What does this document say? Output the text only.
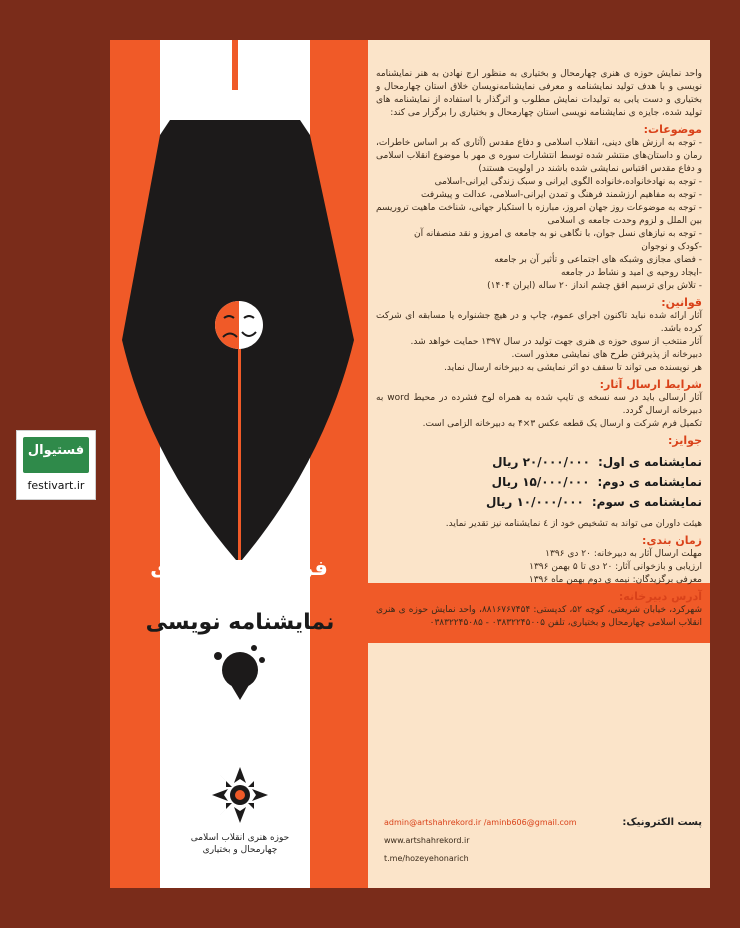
فستیوال
festivart.ir
فراخوان جایزه ی
نمایشنامه نویسی
حوزه هنری انقلاب اسلامی
چهارمحال و بختیاری

واحد نمایش حوزه ی هنری چهارمحال و بختیاری به منظور ارج نهادن به هنر نمایشنامه نویسی و با هدف تولید نمایشنامه و معرفی نمایشنامه‌نویسان خلاق استان چهارمحال و بختیاری و دست یابی به تولیدات نمایش مطلوب و اثرگذار با استفاده از نمایشنامه های تولید شده، جایزه ی نمایشنامه نویسی استان چهارمحال و بختیاری را برگزار می کند:

موضوعات:

- توجه به ارزش های دینی، انقلاب اسلامی و دفاع مقدس (آثاری که بر اساس خاطرات، رمان و داستان‌های منتشر شده توسط انتشارات سوره ی مهر با موضوع انقلاب اسلامی و دفاع مقدس اقتباس نمایشی شده باشند در اولویت هستند)

- توجه به نهادخانواده،خانواده الگوی ایرانی و سبک زندگی ایرانی-اسلامی

- توجه به مفاهیم ارزشمند فرهنگ و تمدن ایرانی-اسلامی، عدالت و پیشرفت

- توجه به موضوعات روز جهان امروز، مبارزه با استکبار جهانی، شناخت ماهیت تروریسم بین الملل و لزوم وحدت جامعه ی اسلامی

- توجه به نیازهای نسل جوان، با نگاهی نو به جامعه ی امروز و نقد منصفانه آن

-کودک و نوجوان

- فضای مجازی وشبکه های اجتماعی و تأثیر آن بر جامعه

-ایجاد روحیه ی امید و نشاط در جامعه

- تلاش برای ترسیم افق چشم انداز ۲۰ ساله (ایران ۱۴۰۴)

قوانین:

آثار ارائه شده نباید تاکنون اجرای عموم، چاپ و در هیچ جشنواره یا مسابقه ای شرکت کرده باشد.

آثار منتخب از سوی حوزه ی هنری جهت تولید در سال ۱۳۹۷ حمایت خواهد شد.

دبیرخانه از پذیرفتن طرح های نمایشی معذور است.

هر نویسنده می تواند تا سقف دو اثر نمایشی به دبیرخانه ارسال نماید.

شرایط ارسال آثار:

آثار ارسالی باید در سه نسخه ی تایپ شده به همراه لوح فشرده در محیط word به دبیرخانه ارسال گردد.

تکمیل فرم شرکت و ارسال یک قطعه عکس ۳×۴ به دبیرخانه الزامی است.

جوایز:
نمایشنامه ی اول:
۲۰/۰۰۰/۰۰۰ ریال
نمایشنامه ی دوم:
۱۵/۰۰۰/۰۰۰ ریال
نمایشنامه ی سوم:
۱۰/۰۰۰/۰۰۰ ریال

هیئت داوران می تواند به تشخیص خود از ٤ نمایشنامه نیز تقدیر نماید.

زمان بندی:

مهلت ارسال آثار به دبیرخانه: ۲۰ دی ۱۳۹۶

ارزیابی و بازخوانی آثار: ۲۰ دی تا ۵ بهمن ۱۳۹۶

معرفی برگزیدگان: نیمه ی دوم بهمن ماه ۱۳۹۶

آدرس دبیرخانه:

شهرکرد، خیابان شریعتی، کوچه ۵۲، کدپستی: ۸۸۱۶۷۶۷۴۵۴، واحد نمایش حوزه ی هنری انقلاب اسلامی چهارمحال و بختیاری، تلفن ۰۳۸۳۲۲۴۵۰۰۵ - ۰۳۸۳۲۲۴۵۰۸۵

پست الکترونیک:
admin@artshahrekord.ir /aminb606@gmail.com
www.artshahrekord.ir
t.me/hozeyehonarich
